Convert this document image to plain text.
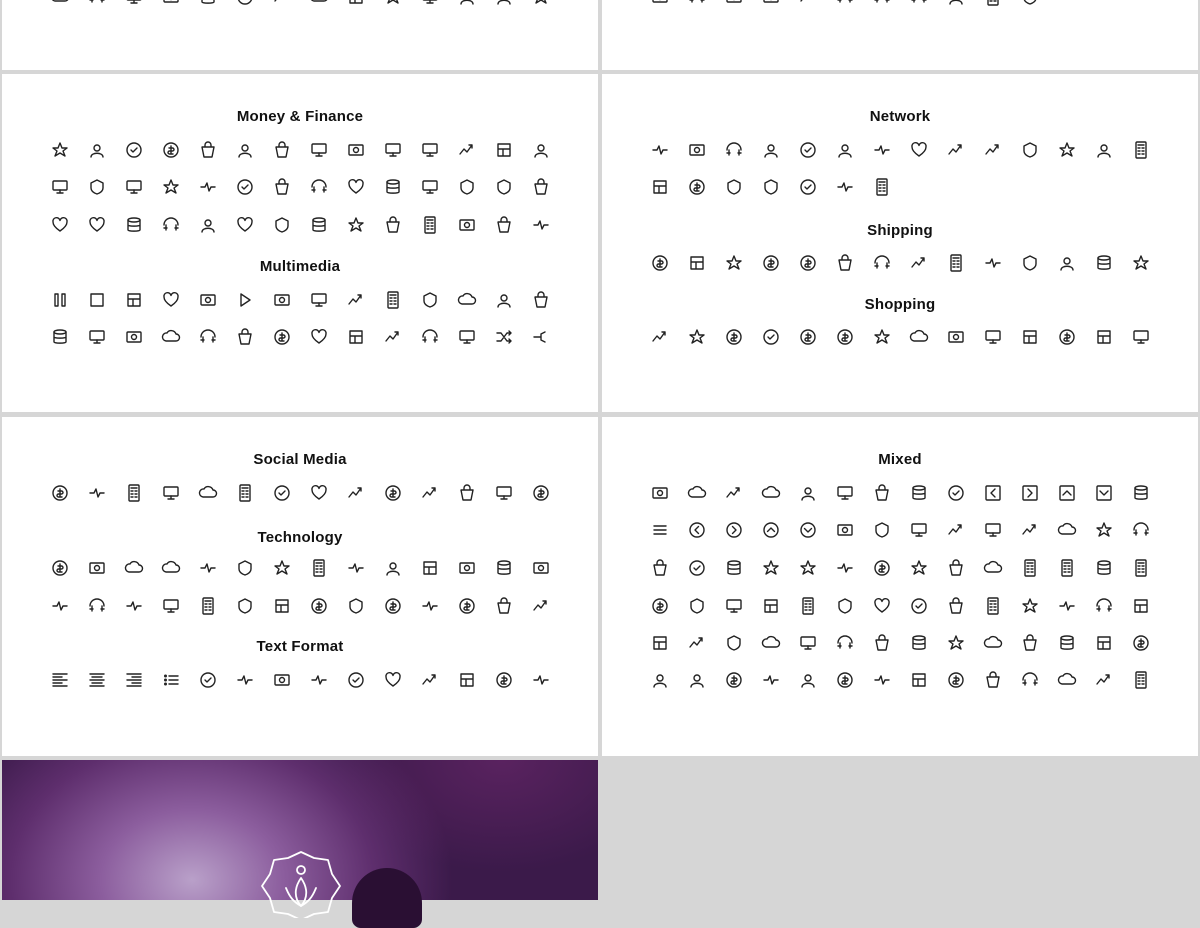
Money & Finance
Multimedia
Network
Shipping
Shopping
Social Media
Technology
Text Format
Mixed
